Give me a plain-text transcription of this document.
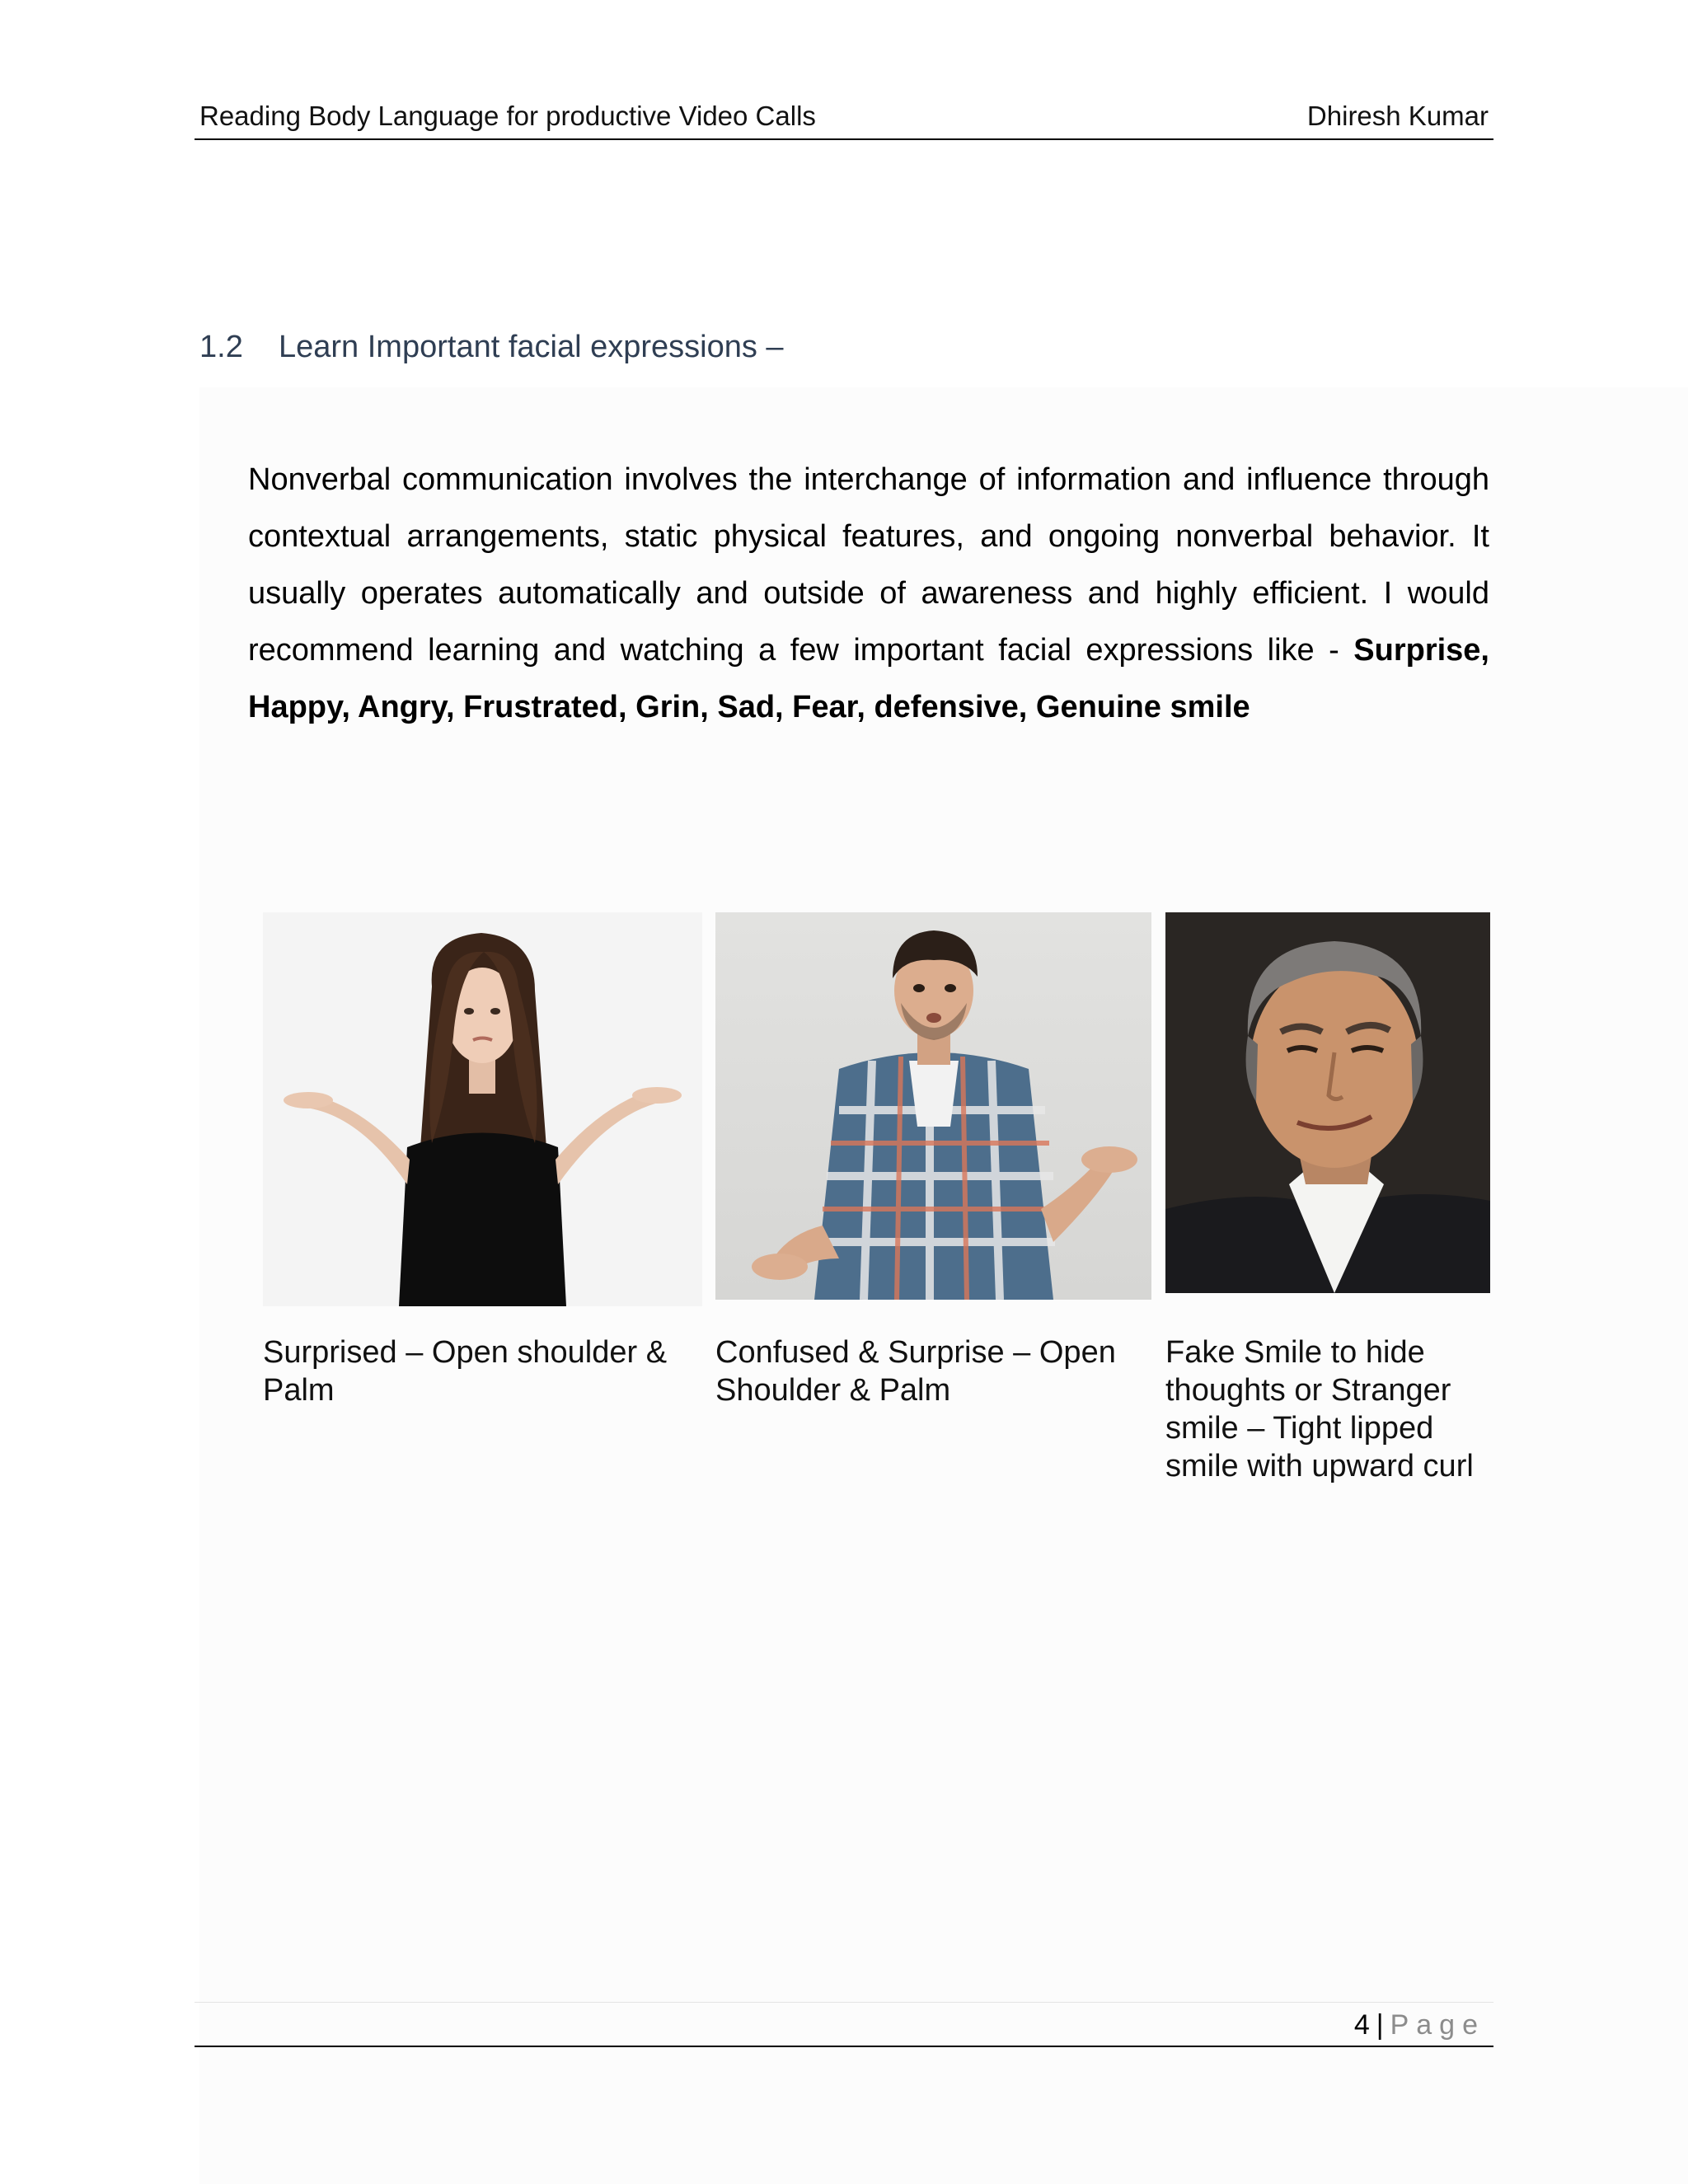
Reading Body Language for productive Video Calls	Dhiresh Kumar
1.2 Learn Important facial expressions –
Nonverbal communication involves the interchange of information and influence through contextual arrangements, static physical features, and ongoing nonverbal behavior. It usually operates automatically and outside of awareness and highly efficient. I would recommend learning and watching a few important facial expressions like - Surprise, Happy, Angry, Frustrated, Grin, Sad, Fear, defensive, Genuine smile
Surprised – Open shoulder & Palm
Confused & Surprise – Open Shoulder & Palm
Fake Smile to hide thoughts or Stranger smile – Tight lipped smile with upward curl
4 | Page
